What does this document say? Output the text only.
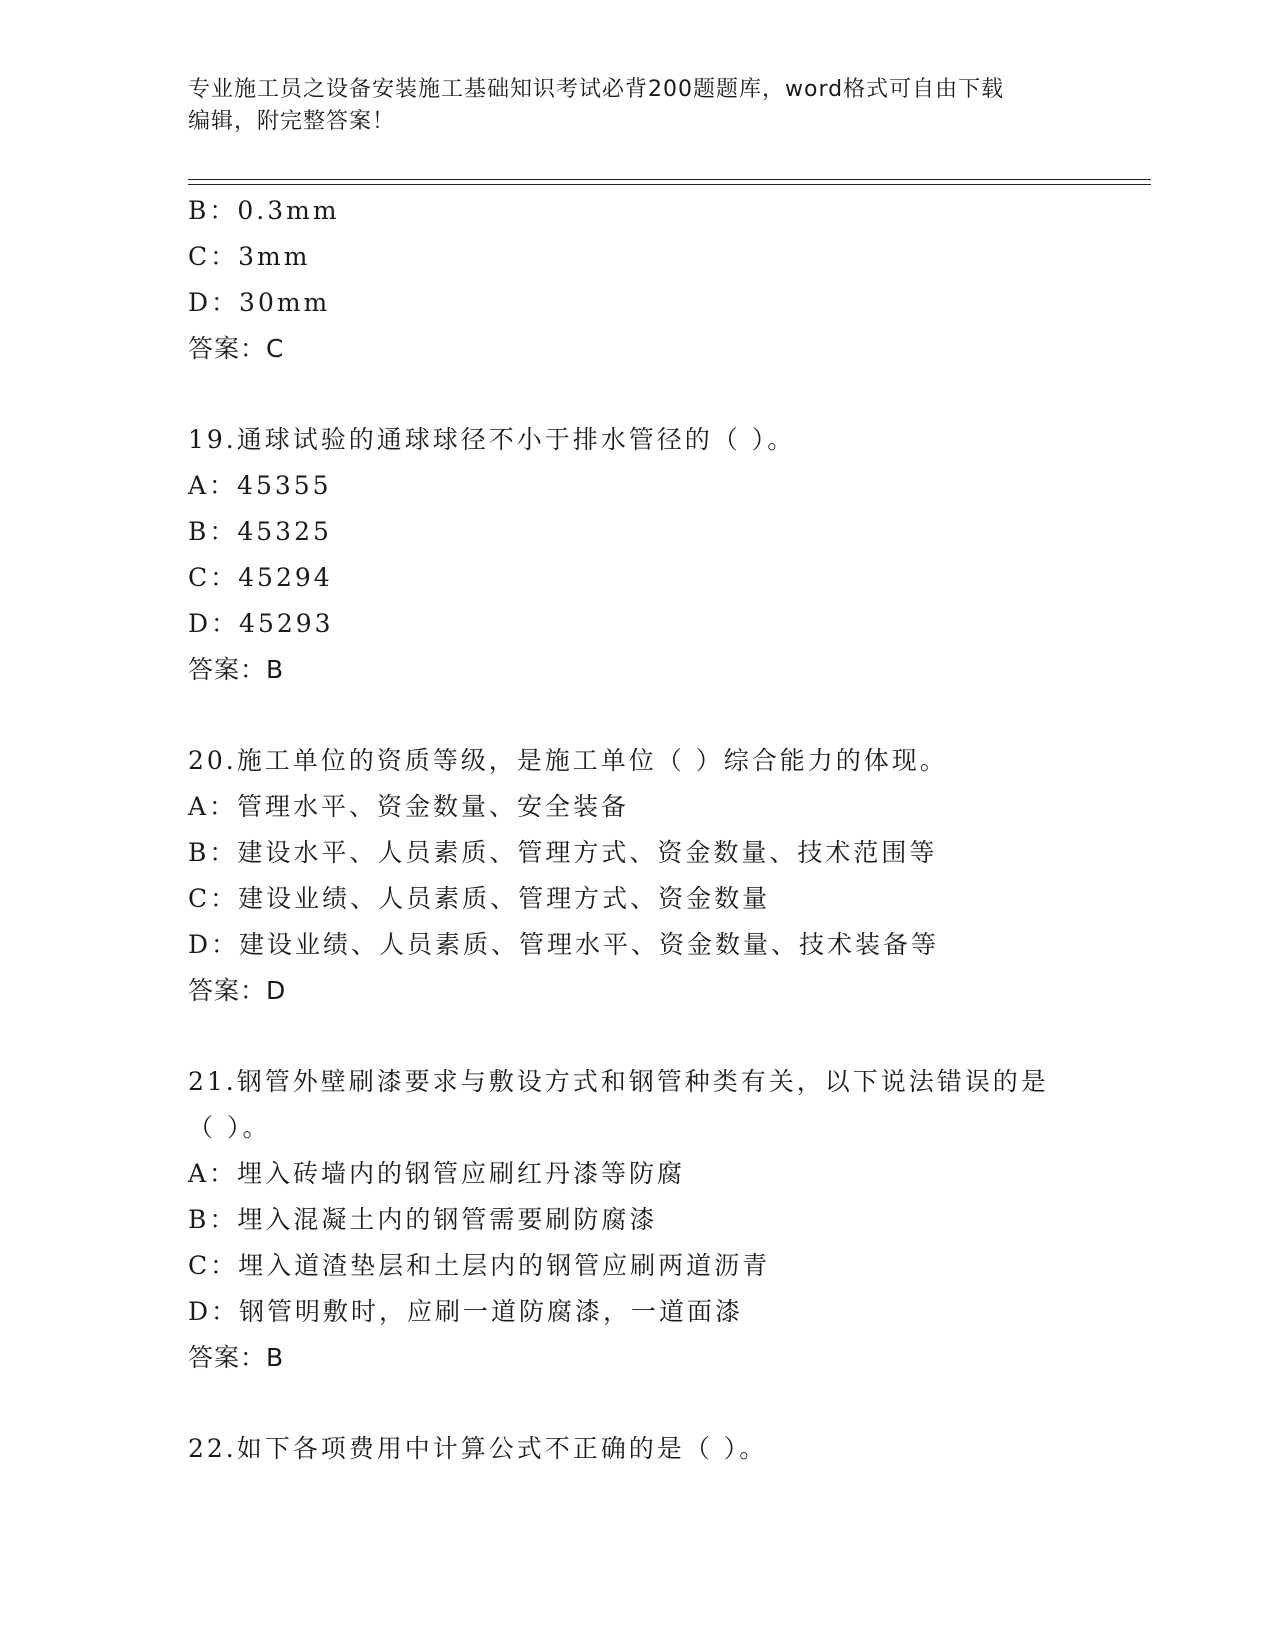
专业施工员之设备安装施工基础知识考试必背200题题库，word格式可自由下载
编辑，附完整答案！
B：0.3mm
C：3mm
D：30mm
答案：C
19.通球试验的通球球径不小于排水管径的（ ）。
A：45355
B：45325
C：45294
D：45293
答案：B
20.施工单位的资质等级，是施工单位（ ）综合能力的体现。
A：管理水平、资金数量、安全装备
B：建设水平、人员素质、管理方式、资金数量、技术范围等
C：建设业绩、人员素质、管理方式、资金数量
D：建设业绩、人员素质、管理水平、资金数量、技术装备等
答案：D
21.钢管外壁刷漆要求与敷设方式和钢管种类有关，以下说法错误的是
（ ）。
A：埋入砖墙内的钢管应刷红丹漆等防腐
B：埋入混凝土内的钢管需要刷防腐漆
C：埋入道渣垫层和土层内的钢管应刷两道沥青
D：钢管明敷时，应刷一道防腐漆，一道面漆
答案：B
22.如下各项费用中计算公式不正确的是（ ）。
